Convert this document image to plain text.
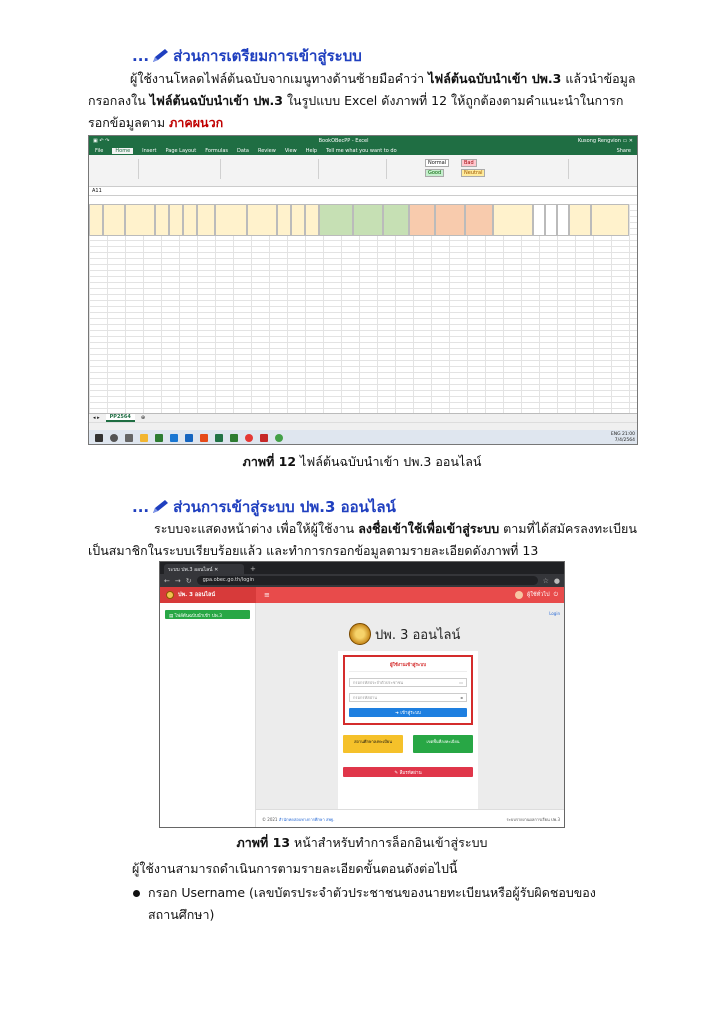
... ส่วนการเตรียมการเข้าสู่ระบบ
ผู้ใช้งานโหลดไฟล์ต้นฉบับจากเมนูทางด้านซ้ายมือคำว่า ไฟล์ต้นฉบับนำเข้า ปพ.3 แล้วนำข้อมูลกรอกลงใน ไฟล์ต้นฉบับนำเข้า ปพ.3 ในรูปแบบ Excel ดังภาพที่ 12 ให้ถูกต้องตามคำแนะนำในการกรอกข้อมูลตาม ภาคผนวก
▣ ↶ ↷	BookOBecPP - Excel	Kusong Rengvion ▭ ✕
File	Home	Insert Page Layout Formulas Data Review View Help Tell me what you want to do	Share
Normal	Bad
Good	Neutral
A11
◂ ▸	PP2564	⊕
ENG 21:00
7/4/2564
ภาพที่ 12 ไฟล์ต้นฉบับนำเข้า ปพ.3 ออนไลน์
... ส่วนการเข้าสู่ระบบ ปพ.3 ออนไลน์
ระบบจะแสดงหน้าต่าง เพื่อให้ผู้ใช้งาน ลงชื่อเข้าใช้เพื่อเข้าสู่ระบบ ตามที่ได้สมัครลงทะเบียนเป็นสมาชิกในระบบเรียบร้อยแล้ว และทำการกรอกข้อมูลตามรายละเอียดดังภาพที่ 13
ระบบ ปพ.3 ออนไลน์ ✕	+
← → ↻	gpa.obec.go.th/login	☆ ●
ปพ. 3 ออนไลน์	≡	ผู้ใช้ทั่วไป ⏻
▤ ไฟล์ต้นฉบับนำเข้า ปพ.3
Login
ปพ. 3 ออนไลน์
ผู้ใช้งานเข้าสู่ระบบ
กรอกรหัสประจำตัวประชาชน	▭
กรอกรหัสผ่าน	▪
➜ เข้าสู่ระบบ
สถานศึกษาลงทะเบียน	เขตพื้นที่ลงทะเบียน
✎ ลืมรหัสผ่าน
© 2021 สำนักทดสอบทางการศึกษา สพฐ.	ระบบรายงานผลการเรียน ปพ.3
ภาพที่ 13 หน้าสำหรับทำการล็อกอินเข้าสู่ระบบ
ผู้ใช้งานสามารถดำเนินการตามรายละเอียดขั้นตอนดังต่อไปนี้
กรอก Username (เลขบัตรประจำตัวประชาชนของนายทะเบียนหรือผู้รับผิดชอบของสถานศึกษา)
